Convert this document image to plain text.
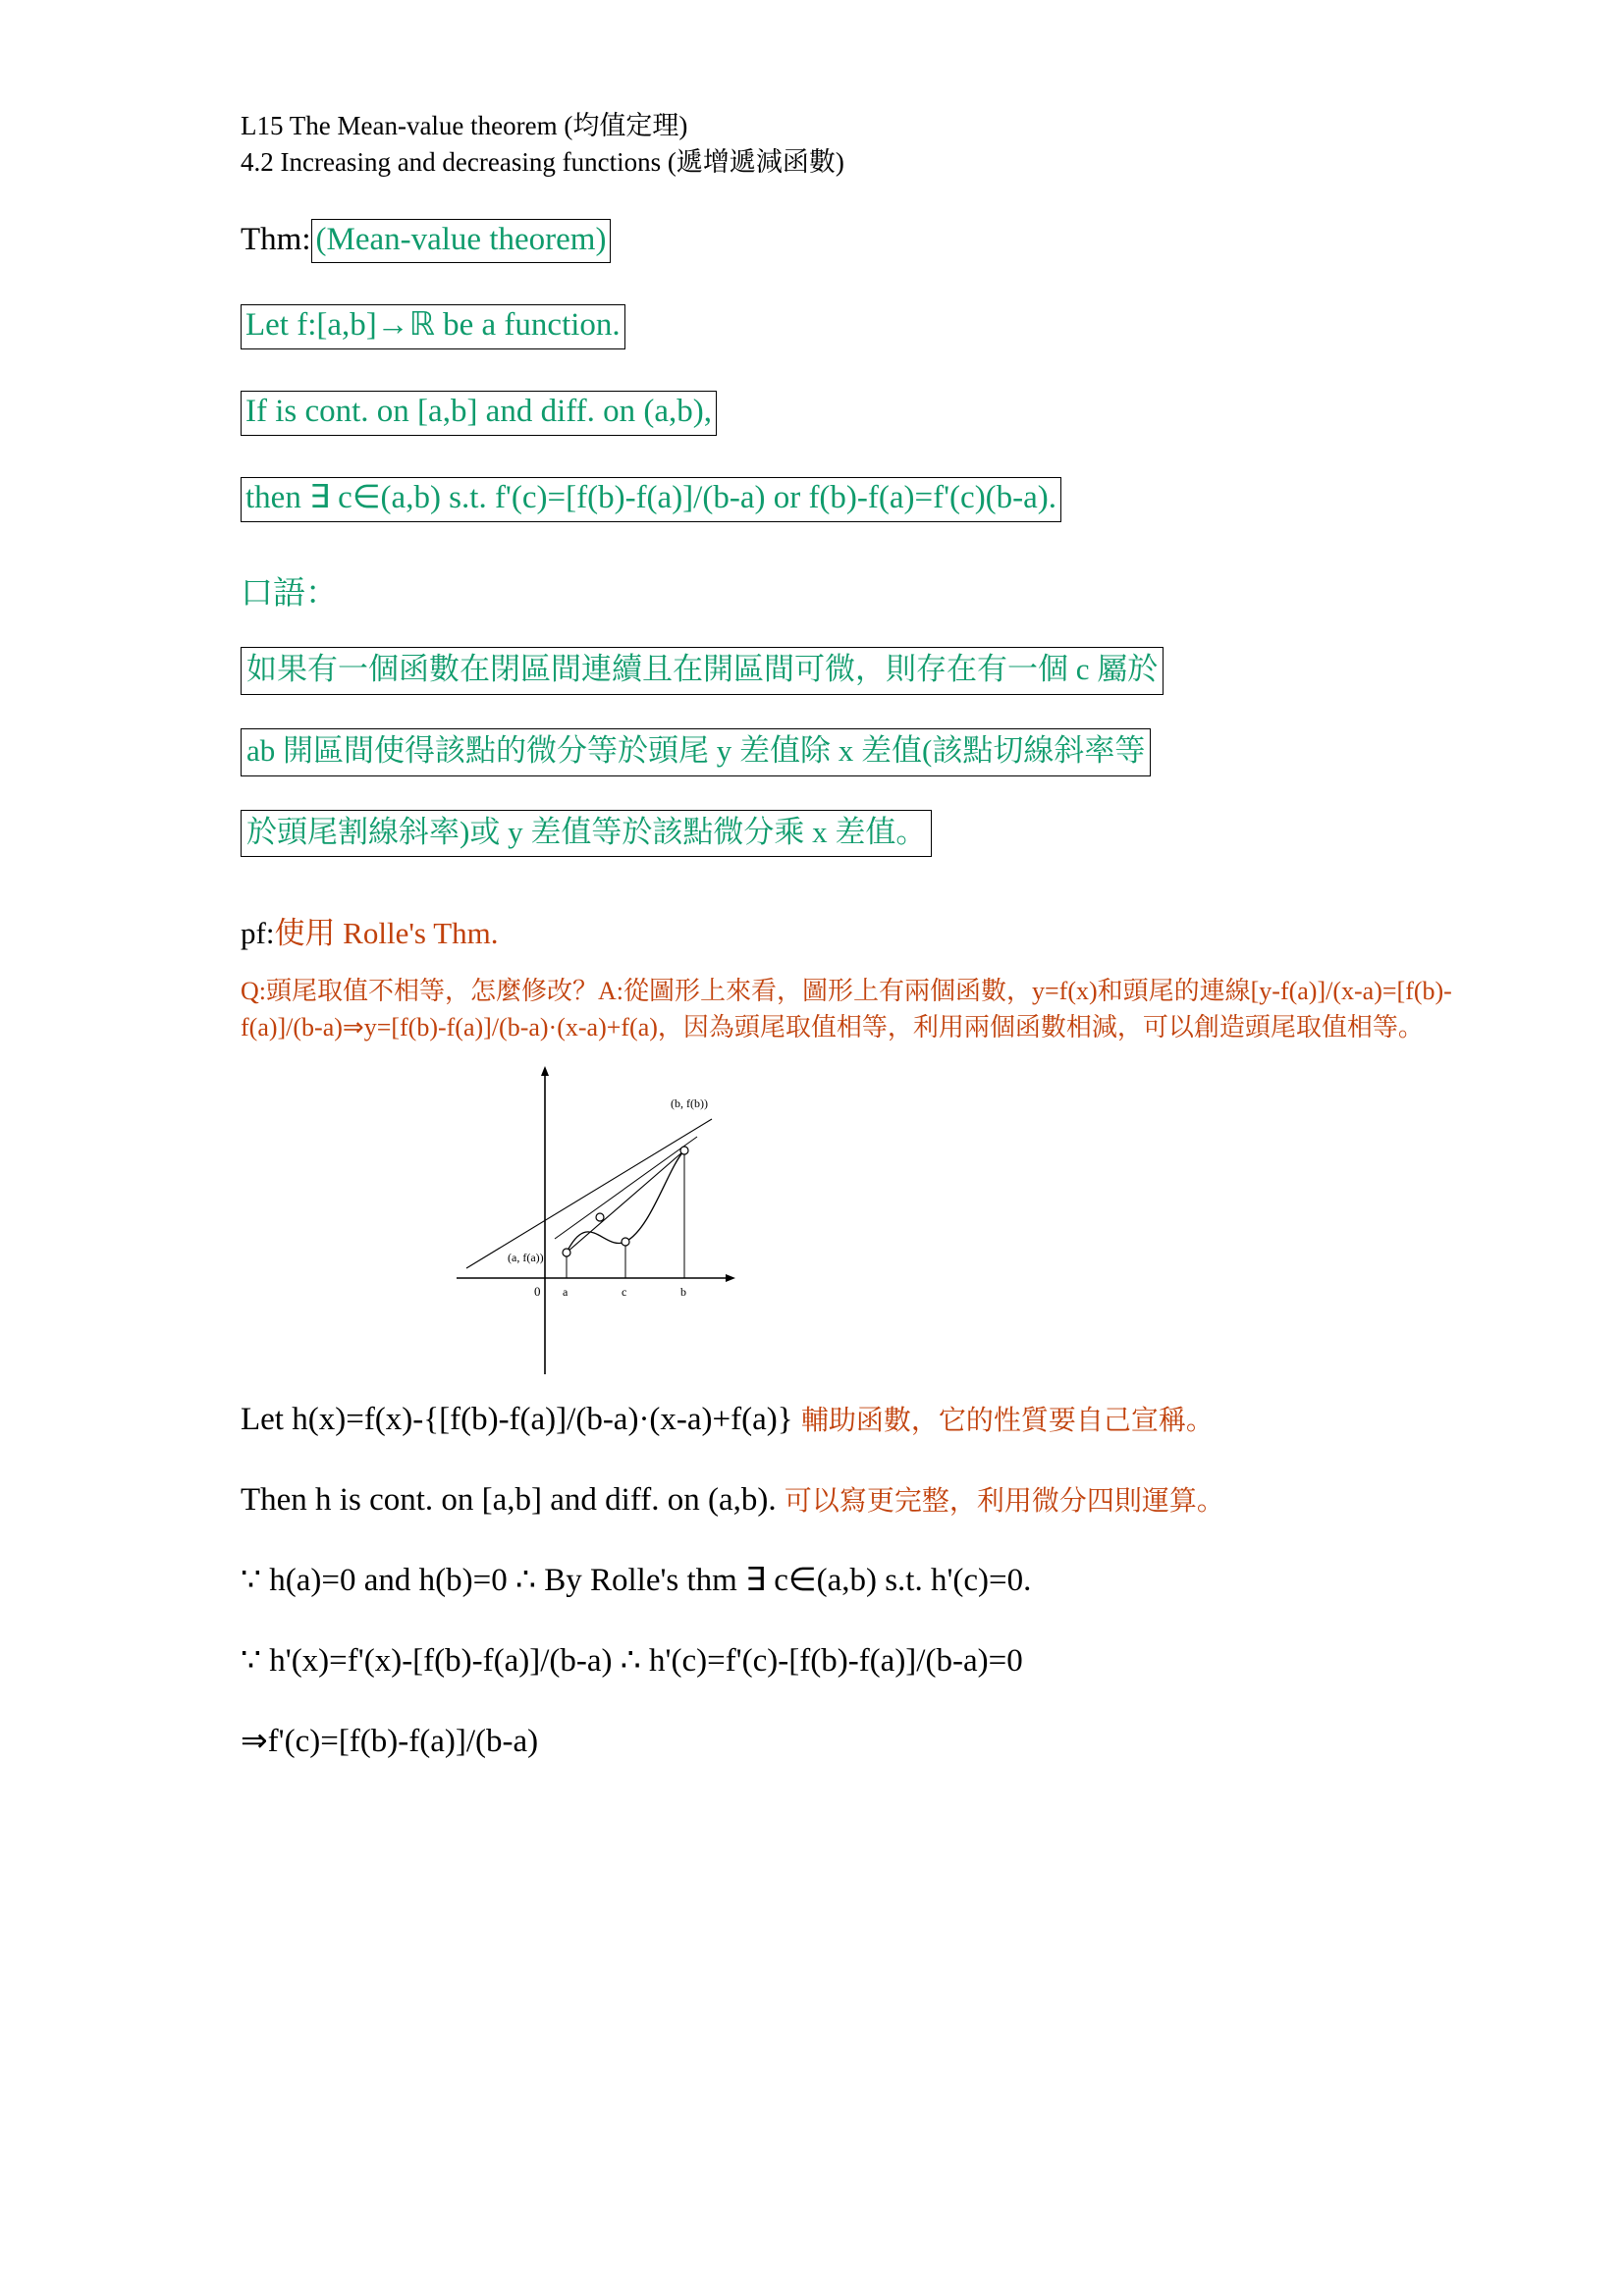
L15 The Mean-value theorem (均值定理)
4.2 Increasing and decreasing functions (遞增遞減函數)
Thm: (Mean-value theorem)
Let f:[a,b]→ℝ be a function.
If is cont. on [a,b] and diff. on (a,b),
then ∃ c∈(a,b) s.t. f'(c)=[f(b)-f(a)]/(b-a) or f(b)-f(a)=f'(c)(b-a).
口語：
如果有一個函數在閉區間連續且在開區間可微，則存在有一個 c 屬於
ab 開區間使得該點的微分等於頭尾 y 差值除 x 差值(該點切線斜率等
於頭尾割線斜率)或 y 差值等於該點微分乘 x 差值。
pf:使用 Rolle's Thm.
Q:頭尾取值不相等，怎麼修改？A:從圖形上來看，圖形上有兩個函數，y=f(x)和頭尾的連線[y-f(a)]/(x-a)=[f(b)-f(a)]/(b-a)⇒y=[f(b)-f(a)]/(b-a)·(x-a)+f(a)，因為頭尾取值相等，利用兩個函數相減，可以創造頭尾取值相等。
(b, f(b))
(a, f(a))
0 a	c	b
Let h(x)=f(x)-{[f(b)-f(a)]/(b-a)·(x-a)+f(a)} 輔助函數，它的性質要自己宣稱。
Then h is cont. on [a,b] and diff. on (a,b). 可以寫更完整，利用微分四則運算。
∵ h(a)=0 and h(b)=0 ∴ By Rolle's thm ∃ c∈(a,b) s.t. h'(c)=0.
∵ h'(x)=f'(x)-[f(b)-f(a)]/(b-a) ∴ h'(c)=f'(c)-[f(b)-f(a)]/(b-a)=0
⇒f'(c)=[f(b)-f(a)]/(b-a)
